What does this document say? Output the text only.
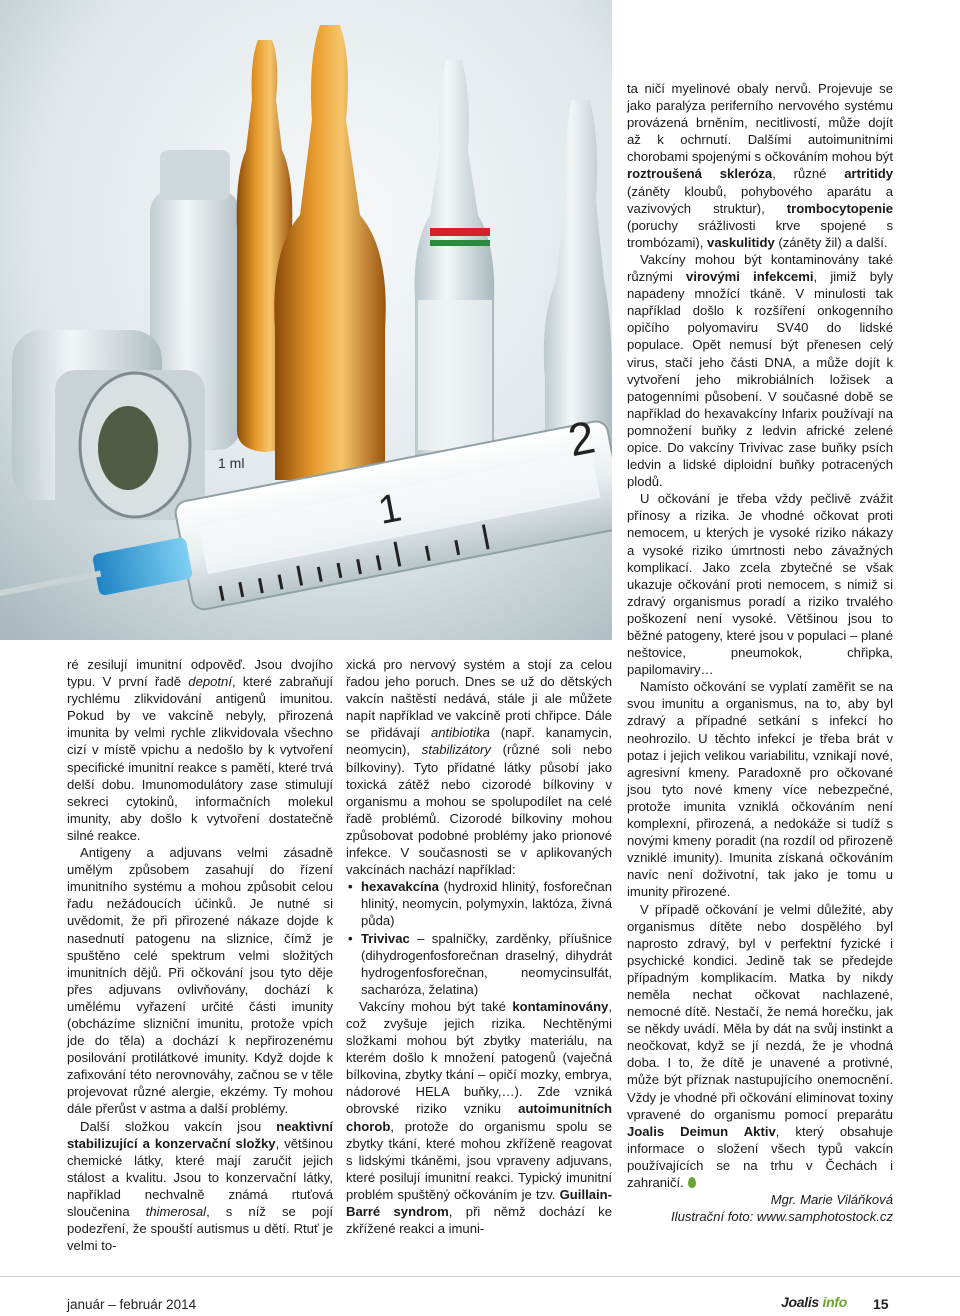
1
2
1 ml

ré zesilují imunitní odpověď. Jsou dvojího typu. V první řadě depotní, které zabraňují rychlému zlikvidování antigenů imunitou. Pokud by ve vakcíně nebyly, přirozená imunita by velmi rychle zlikvidovala všechno cizí v místě vpichu a nedošlo by k vytvoření specifické imunitní reakce s pamětí, které trvá delší dobu. Imunomodulátory zase stimulují sekreci cytokinů, informačních molekul imunity, aby došlo k vytvoření dostatečně silné reakce.

Antigeny a adjuvans velmi zásadně umělým způsobem zasahují do řízení imunitního systému a mohou způsobit celou řadu nežádoucích účinků. Je nutné si uvědomit, že při přirozené nákaze dojde k nasednutí patogenu na sliznice, čímž je spuštěno celé spektrum velmi složitých imunitních dějů. Při očkování jsou tyto děje přes adjuvans ovlivňovány, dochází k umělému vyřazení určité části imunity (obcházíme slizniční imunitu, protože vpich jde do těla) a dochází k nepřirozenému posilování protilátkové imunity. Když dojde k zafixování této nerovnováhy, začnou se v těle projevovat různé alergie, ekzémy. Ty mohou dále přerůst v astma a další problémy.

Další složkou vakcín jsou neaktivní stabilizující a konzervační složky, většinou chemické látky, které mají zaručit jejich stálost a kvalitu. Jsou to konzervační látky, například nechvalně známá rtuťová sloučenina thimerosal, s níž se pojí podezření, že spouští autismus u dětí. Rtuť je velmi to-

xická pro nervový systém a stojí za celou řadou jeho poruch. Dnes se už do dětských vakcín naštěstí nedává, stále ji ale můžete napít například ve vakcíně proti chřipce. Dále se přidávají antibiotika (např. kanamycin, neomycin), stabilizátory (různé soli nebo bílkoviny). Tyto přídatné látky působí jako toxická zátěž nebo cizorodé bílkoviny v organismu a mohou se spolupodílet na celé řadě problémů. Cizorodé bílkoviny mohou způsobovat podobné problémy jako prionové infekce. V současnosti se v aplikovaných vakcínách nachází například:

• hexavakcína (hydroxid hlinitý, fosforečnan hlinitý, neomycin, polymyxin, laktóza, živná půda)
• Trivivac – spalničky, zarděnky, příušnice (dihydrogenfosforečnan draselný, dihydrát hydrogenfosforečnan, neomycinsulfát, sacharóza, želatina)

Vakcíny mohou být také kontaminovány, což zvyšuje jejich rizika. Nechtěnými složkami mohou být zbytky materiálu, na kterém došlo k množení patogenů (vaječná bílkovina, zbytky tkání – opičí mozky, embrya, nádorové HELA buňky,…). Zde vzniká obrovské riziko vzniku autoimunitních chorob, protože do organismu spolu se zbytky tkání, které mohou zkříženě reagovat s lidskými tkáněmi, jsou vpraveny adjuvans, které posilují imunitní reakci. Typický imunitní problém spuštěný očkováním je tzv. Guillain-Barré syndrom, při němž dochází ke zkřížené reakci a imuni-

ta ničí myelinové obaly nervů. Projevuje se jako paralýza periferního nervového systému provázená brněním, necitlivostí, může dojít až k ochrnutí. Dalšími autoimunitními chorobami spojenými s očkováním mohou být roztroušená skleróza, různé artritidy (záněty kloubů, pohybového aparátu a vazivových struktur), trombocytopenie (poruchy srážlivosti krve spojené s trombózami), vaskulitidy (záněty žil) a další.

Vakcíny mohou být kontaminovány také různými virovými infekcemi, jimiž byly napadeny množící tkáně. V minulosti tak například došlo k rozšíření onkogenního opičího polyomaviru SV40 do lidské populace. Opět nemusí být přenesen celý virus, stačí jeho části DNA, a může dojít k vytvoření jeho mikrobiálních ložisek a patogenními působení. V současné době se například do hexavakcíny Infarix používají na pomnožení buňky z ledvin africké zelené opice. Do vakcíny Trivivac zase buňky psích ledvin a lidské diploidní buňky potracených plodů.

U očkování je třeba vždy pečlivě zvážit přínosy a rizika. Je vhodné očkovat proti nemocem, u kterých je vysoké riziko nákazy a vysoké riziko úmrtnosti nebo závažných komplikací. Jako zcela zbytečné se však ukazuje očkování proti nemocem, s nimiž si zdravý organismus poradí a riziko trvalého poškození není vysoké. Většinou jsou to běžné patogeny, které jsou v populaci – plané neštovice, pneumokok, chřipka, papilomaviry…

Namísto očkování se vyplatí zaměřit se na svou imunitu a organismus, na to, aby byl zdravý a případné setkání s infekcí ho neohrozilo. U těchto infekcí je třeba brát v potaz i jejich velikou variabilitu, vznikají nové, agresivní kmeny. Paradoxně pro očkované jsou tyto nové kmeny více nebezpečné, protože imunita vzniklá očkováním není komplexní, přirozená, a nedokáže si tudíž s novými kmeny poradit (na rozdíl od přirozeně vzniklé imunity). Imunita získaná očkováním navíc není doživotní, tak jako je tomu u imunity přirozené.

V případě očkování je velmi důležité, aby organismus dítěte nebo dospělého byl naprosto zdravý, byl v perfektní fyzické i psychické kondici. Jedině tak se předejde případným komplikacím. Matka by nikdy neměla nechat očkovat nachlazené, nemocné dítě. Nestačí, že nemá horečku, jak se někdy uvádí. Měla by dát na svůj instinkt a neočkovat, když se jí nezdá, že je vhodná doba. I to, že dítě je unavené a protivné, může být příznak nastupujícího onemocnění. Vždy je vhodné při očkování eliminovat toxiny vpravené do organismu pomocí preparátu Joalis Deimun Aktiv, který obsahuje informace o složení všech typů vakcín používajících se na trhu v Čechách i zahraničí.

Mgr. Marie Viláňková

Ilustrační foto: www.samphotostock.cz

január – február 2014	Joalis info 15
